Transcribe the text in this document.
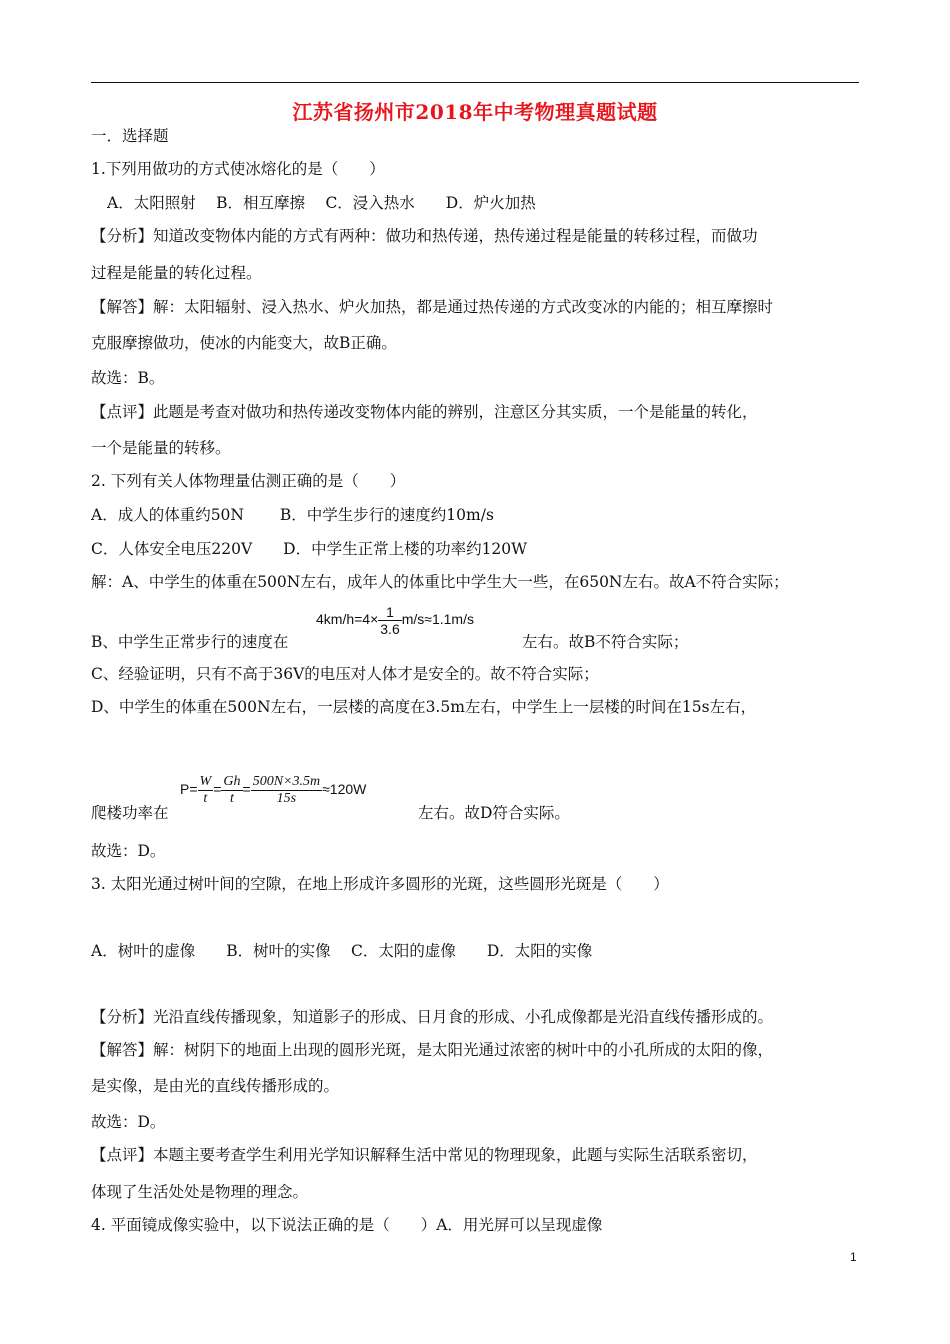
江苏省扬州市2018年中考物理真题试题
一．选择题
1.下列用做功的方式使冰熔化的是（　　）
A．太阳照射　 B．相互摩擦　 C．浸入热水　　D．炉火加热
【分析】知道改变物体内能的方式有两种：做功和热传递，热传递过程是能量的转移过程，而做功
过程是能量的转化过程。
【解答】解：太阳辐射、浸入热水、炉火加热，都是通过热传递的方式改变冰的内能的；相互摩擦时
克服摩擦做功，使冰的内能变大，故B正确。
故选：B。
【点评】此题是考查对做功和热传递改变物体内能的辨别，注意区分其实质，一个是能量的转化，
一个是能量的转移。
2. 下列有关人体物理量估测正确的是（　　）
A．成人的体重约50N　　 B．中学生步行的速度约10m/s
C．人体安全电压220V　　D．中学生正常上楼的功率约120W
解：A、中学生的体重在500N左右，成年人的体重比中学生大一些，在650N左右。故A不符合实际；
B、中学生正常步行的速度在
$4km/h=4\times \frac{1}{3.6} m/s\approx 1.1m/s$
左右。故B不符合实际；
C、经验证明，只有不高于36V的电压对人体才是安全的。故不符合实际；
D、中学生的体重在500N左右，一层楼的高度在3.5m左右，中学生上一层楼的时间在15s左右，
爬楼功率在
$P= \frac{W}{t} = \frac{Gh}{t} = \frac{500N\times 3.5m}{15s} \approx 120W$
左右。故D符合实际。
故选：D。
3. 太阳光通过树叶间的空隙，在地上形成许多圆形的光斑，这些圆形光斑是（　　）
A．树叶的虚像　　B．树叶的实像　 C．太阳的虚像　　D．太阳的实像
【分析】光沿直线传播现象，知道影子的形成、日月食的形成、小孔成像都是光沿直线传播形成的。
【解答】解：树阴下的地面上出现的圆形光斑，是太阳光通过浓密的树叶中的小孔所成的太阳的像，
是实像，是由光的直线传播形成的。
故选：D。
【点评】本题主要考查学生利用光学知识解释生活中常见的物理现象，此题与实际生活联系密切，
体现了生活处处是物理的理念。
4. 平面镜成像实验中，以下说法正确的是（　　）A．用光屏可以呈现虚像
1
